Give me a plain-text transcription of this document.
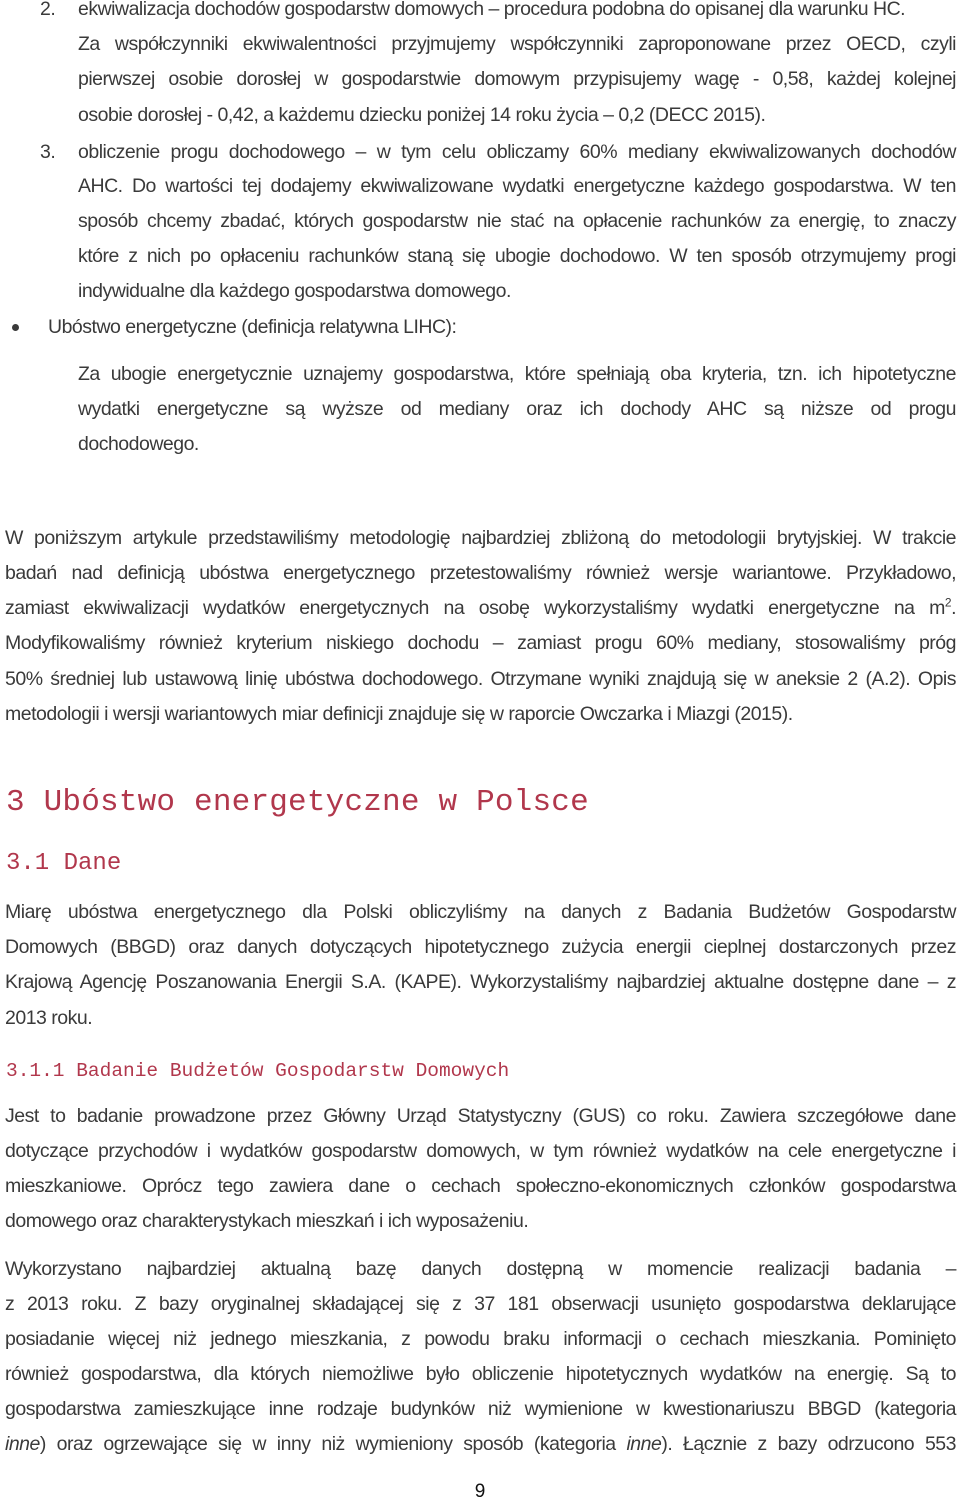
2. ekwiwalizacja dochodów gospodarstw domowych – procedura podobna do opisanej dla warunku HC.

Za współczynniki ekwiwalentności przyjmujemy współczynniki zaproponowane przez OECD, czyli

pierwszej osobie dorosłej w gospodarstwie domowym przypisujemy wagę - 0,58, każdej kolejnej

osobie dorosłej - 0,42, a każdemu dziecku poniżej 14 roku życia – 0,2 (DECC 2015).

3. obliczenie progu dochodowego – w tym celu obliczamy 60% mediany ekwiwalizowanych dochodów

AHC. Do wartości tej dodajemy ekwiwalizowane wydatki energetyczne każdego gospodarstwa. W ten

sposób chcemy zbadać, których gospodarstw nie stać na opłacenie rachunków za energię, to znaczy

które z nich po opłaceniu rachunków staną się ubogie dochodowo. W ten sposób otrzymujemy progi

indywidualne dla każdego gospodarstwa domowego.

Ubóstwo energetyczne (definicja relatywna LIHC):

Za ubogie energetycznie uznajemy gospodarstwa, które spełniają oba kryteria, tzn. ich hipotetyczne

wydatki energetyczne są wyższe od mediany oraz ich dochody AHC są niższe od progu

dochodowego.

W poniższym artykule przedstawiliśmy metodologię najbardziej zbliżoną do metodologii brytyjskiej. W trakcie

badań nad definicją ubóstwa energetycznego przetestowaliśmy również wersje wariantowe. Przykładowo,

zamiast ekwiwalizacji wydatków energetycznych na osobę wykorzystaliśmy wydatki energetyczne na $m^2$.

Modyfikowaliśmy również kryterium niskiego dochodu – zamiast progu 60% mediany, stosowaliśmy próg

50% średniej lub ustawową linię ubóstwa dochodowego. Otrzymane wyniki znajdują się w aneksie 2 (A.2). Opis

metodologii i wersji wariantowych miar definicji znajduje się w raporcie Owczarka i Miazgi (2015).

3 Ubóstwo energetyczne w Polsce
3.1 Dane

Miarę ubóstwa energetycznego dla Polski obliczyliśmy na danych z Badania Budżetów Gospodarstw

Domowych (BBGD) oraz danych dotyczących hipotetycznego zużycia energii cieplnej dostarczonych przez

Krajową Agencję Poszanowania Energii S.A. (KAPE). Wykorzystaliśmy najbardziej aktualne dostępne dane – z

2013 roku.

3.1.1 Badanie Budżetów Gospodarstw Domowych

Jest to badanie prowadzone przez Główny Urząd Statystyczny (GUS) co roku. Zawiera szczegółowe dane

dotyczące przychodów i wydatków gospodarstw domowych, w tym również wydatków na cele energetyczne i

mieszkaniowe. Oprócz tego zawiera dane o cechach społeczno-ekonomicznych członków gospodarstwa

domowego oraz charakterystykach mieszkań i ich wyposażeniu.

Wykorzystano najbardziej aktualną bazę danych dostępną w momencie realizacji badania –

z 2013 roku. Z bazy oryginalnej składającej się z 37 181 obserwacji usunięto gospodarstwa deklarujące

posiadanie więcej niż jednego mieszkania, z powodu braku informacji o cechach mieszkania. Pominięto

również gospodarstwa, dla których niemożliwe było obliczenie hipotetycznych wydatków na energię. Są to

gospodarstwa zamieszkujące inne rodzaje budynków niż wymienione w kwestionariuszu BBGD (kategoria

inne) oraz ogrzewające się w inny niż wymieniony sposób (kategoria inne). Łącznie z bazy odrzucono 553

9
